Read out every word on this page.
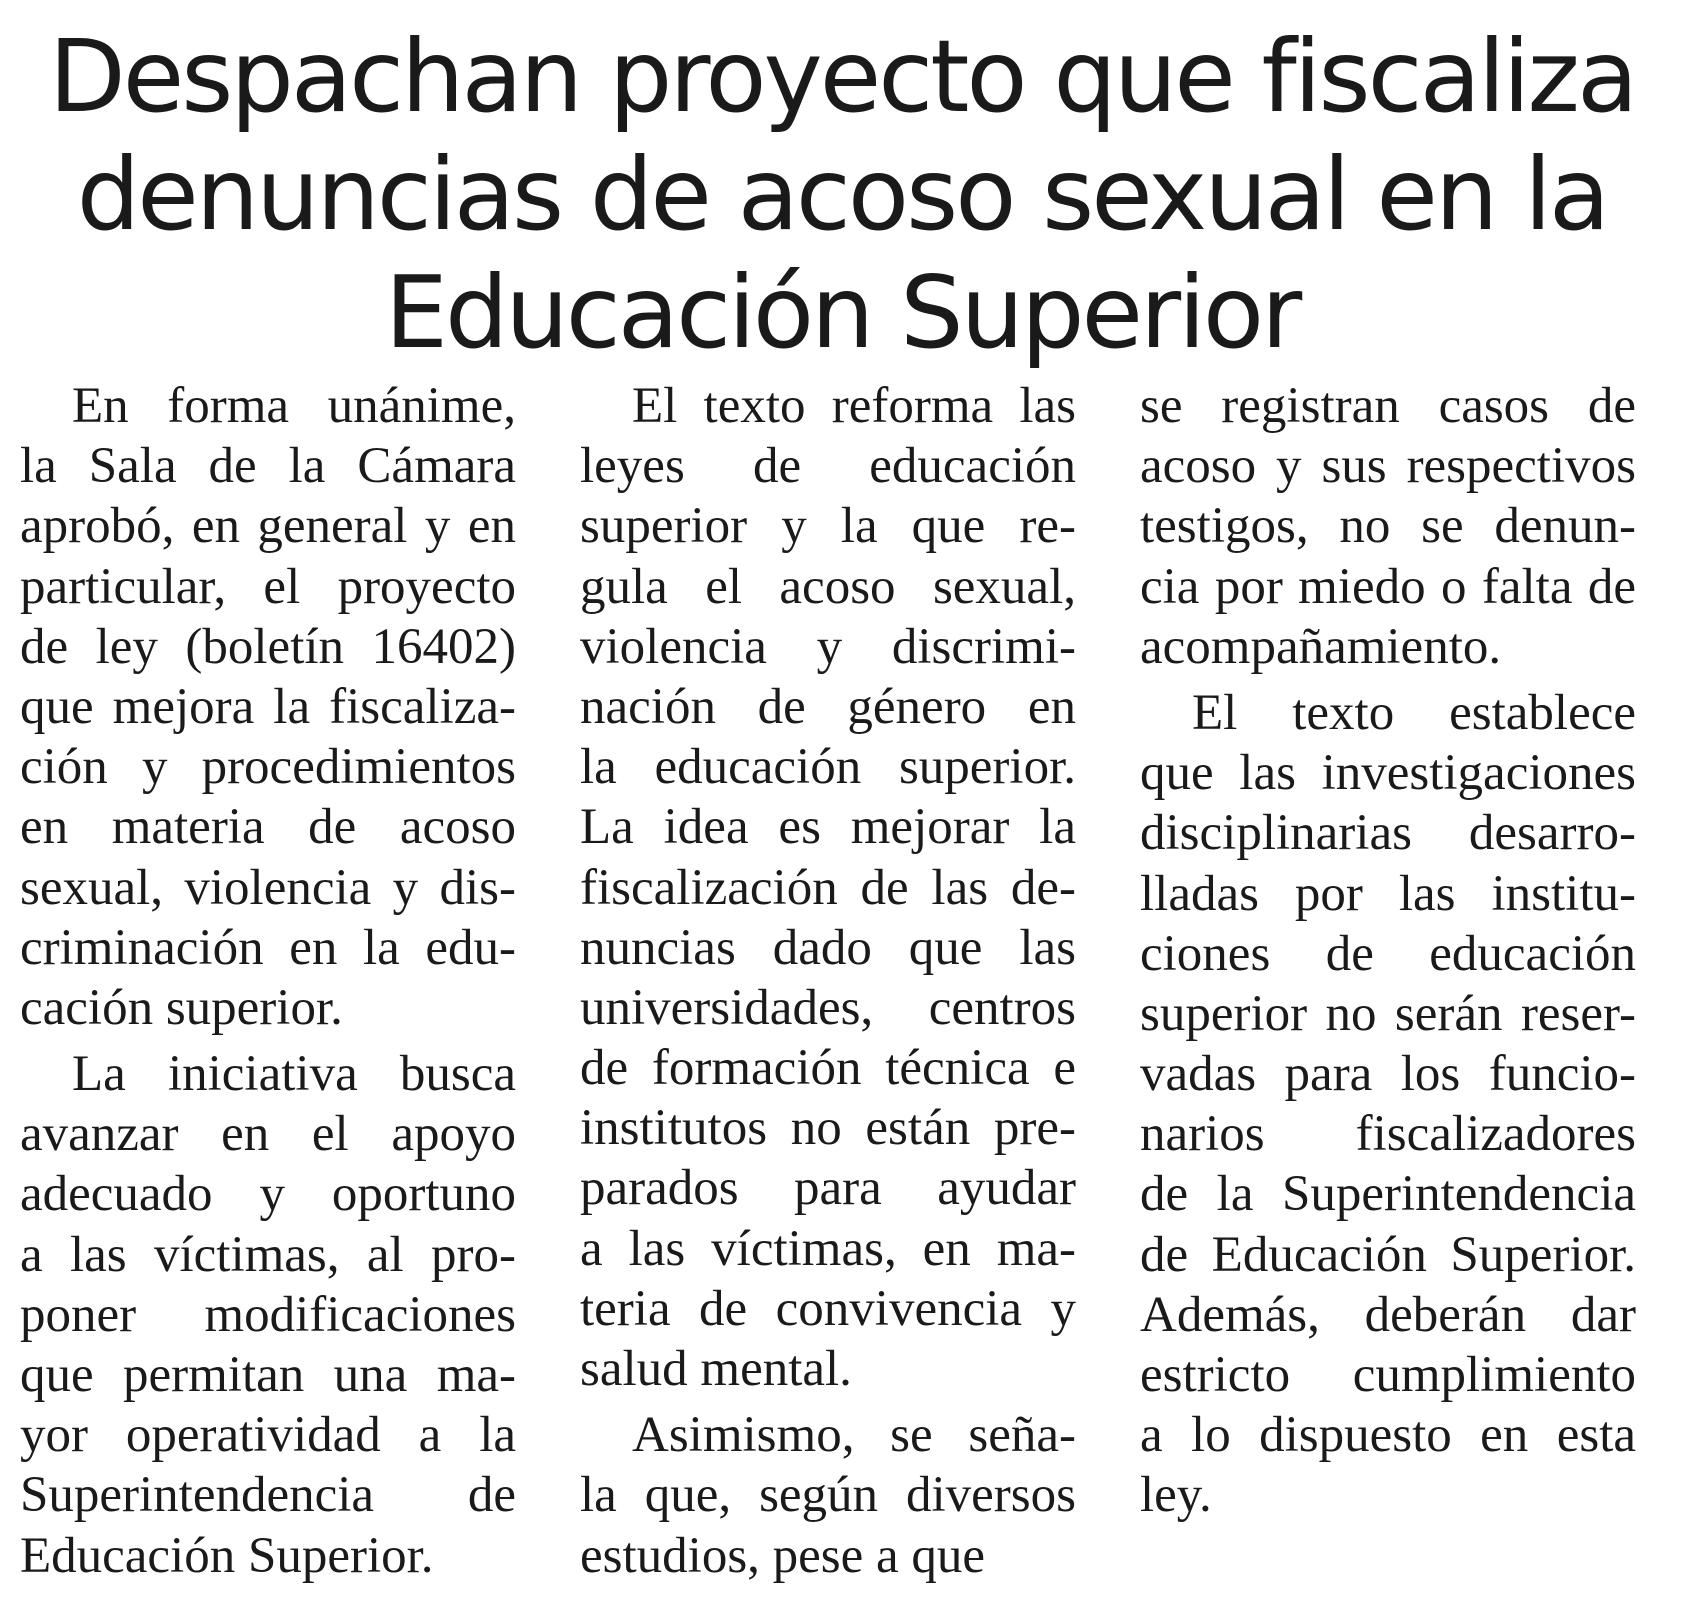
Despachan proyecto que fiscaliza
denuncias de acoso sexual en la
Educación Superior

En forma unánime,
la Sala de la Cámara
aprobó, en general y en
particular, el proyecto
de ley (boletín 16402)
que mejora la fiscaliza-
ción y procedimientos
en materia de acoso
sexual, violencia y dis-
criminación en la edu-
cación superior.

La iniciativa busca
avanzar en el apoyo
adecuado y oportuno
a las víctimas, al pro-
poner modificaciones
que permitan una ma-
yor operatividad a la
Superintendencia de
Educación Superior.

El texto reforma las
leyes de educación
superior y la que re-
gula el acoso sexual,
violencia y discrimi-
nación de género en
la educación superior.
La idea es mejorar la
fiscalización de las de-
nuncias dado que las
universidades, centros
de formación técnica e
institutos no están pre-
parados para ayudar
a las víctimas, en ma-
teria de convivencia y
salud mental.

Asimismo, se seña-
la que, según diversos
estudios, pese a que

se registran casos de
acoso y sus respectivos
testigos, no se denun-
cia por miedo o falta de
acompañamiento.

El texto establece
que las investigaciones
disciplinarias desarro-
lladas por las institu-
ciones de educación
superior no serán reser-
vadas para los funcio-
narios fiscalizadores
de la Superintendencia
de Educación Superior.
Además, deberán dar
estricto cumplimiento
a lo dispuesto en esta
ley.
